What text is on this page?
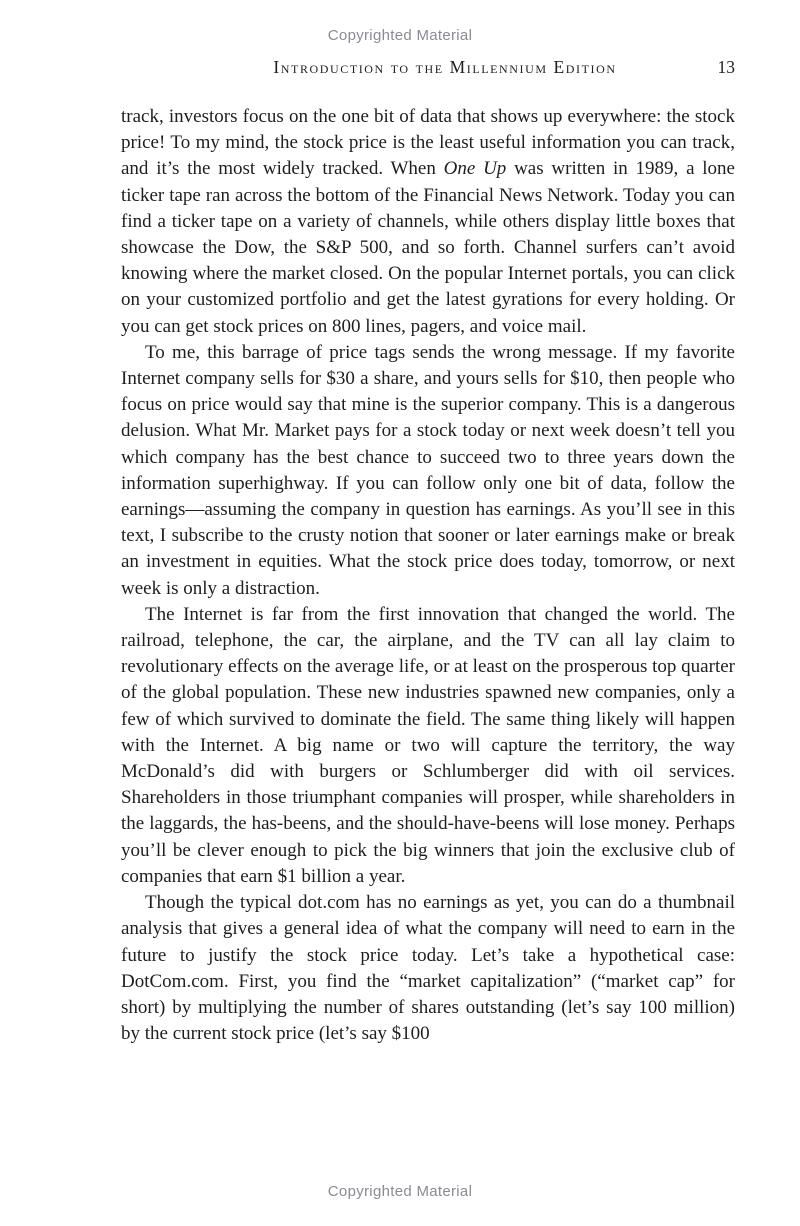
Copyrighted Material
Introduction to the Millennium Edition	13

track, investors focus on the one bit of data that shows up everywhere: the stock price! To my mind, the stock price is the least useful information you can track, and it’s the most widely tracked. When One Up was written in 1989, a lone ticker tape ran across the bottom of the Financial News Network. Today you can find a ticker tape on a variety of channels, while others display little boxes that showcase the Dow, the S&P 500, and so forth. Channel surfers can’t avoid knowing where the market closed. On the popular Internet portals, you can click on your customized portfolio and get the latest gyrations for every holding. Or you can get stock prices on 800 lines, pagers, and voice mail.

To me, this barrage of price tags sends the wrong message. If my favorite Internet company sells for $30 a share, and yours sells for $10, then people who focus on price would say that mine is the superior company. This is a dangerous delusion. What Mr. Market pays for a stock today or next week doesn’t tell you which company has the best chance to succeed two to three years down the information superhighway. If you can follow only one bit of data, follow the earnings—assuming the company in question has earnings. As you’ll see in this text, I subscribe to the crusty notion that sooner or later earnings make or break an investment in equities. What the stock price does today, tomorrow, or next week is only a distraction.

The Internet is far from the first innovation that changed the world. The railroad, telephone, the car, the airplane, and the TV can all lay claim to revolutionary effects on the average life, or at least on the prosperous top quarter of the global population. These new industries spawned new companies, only a few of which survived to dominate the field. The same thing likely will happen with the Internet. A big name or two will capture the territory, the way McDonald’s did with burgers or Schlumberger did with oil services. Shareholders in those triumphant companies will prosper, while shareholders in the laggards, the has-beens, and the should-have-beens will lose money. Perhaps you’ll be clever enough to pick the big winners that join the exclusive club of companies that earn $1 billion a year.

Though the typical dot.com has no earnings as yet, you can do a thumbnail analysis that gives a general idea of what the company will need to earn in the future to justify the stock price today. Let’s take a hypothetical case: DotCom.com. First, you find the “market capitalization” (“market cap” for short) by multiplying the number of shares outstanding (let’s say 100 million) by the current stock price (let’s say $100

Copyrighted Material
